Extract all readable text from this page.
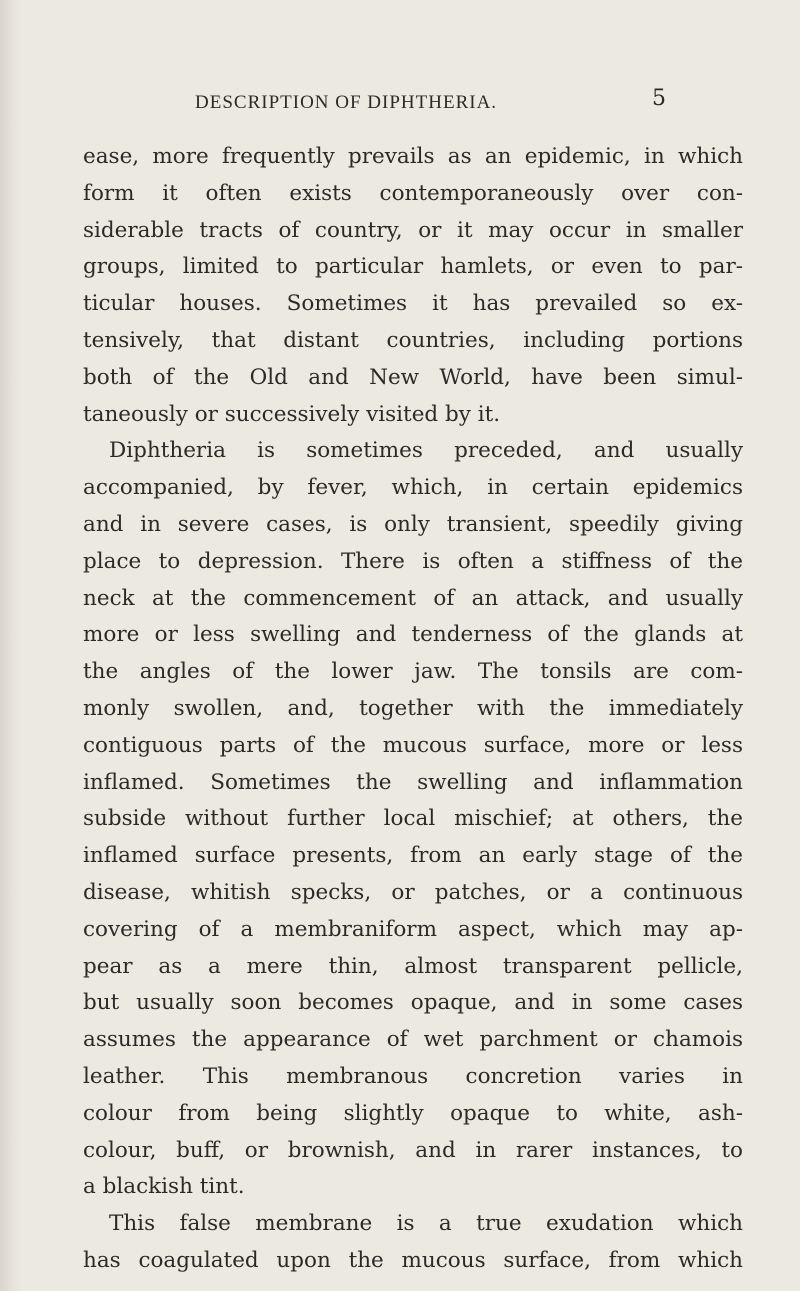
DESCRIPTION OF DIPHTHERIA.	5
ease, more frequently prevails as an epidemic, in which
form it often exists contemporaneously over con-
siderable tracts of country, or it may occur in smaller
groups, limited to particular hamlets, or even to par-
ticular houses. Sometimes it has prevailed so ex-
tensively, that distant countries, including portions
both of the Old and New World, have been simul-
taneously or successively visited by it.
Diphtheria is sometimes preceded, and usually
accompanied, by fever, which, in certain epidemics
and in severe cases, is only transient, speedily giving
place to depression. There is often a stiffness of the
neck at the commencement of an attack, and usually
more or less swelling and tenderness of the glands at
the angles of the lower jaw. The tonsils are com-
monly swollen, and, together with the immediately
contiguous parts of the mucous surface, more or less
inflamed. Sometimes the swelling and inflammation
subside without further local mischief; at others, the
inflamed surface presents, from an early stage of the
disease, whitish specks, or patches, or a continuous
covering of a membraniform aspect, which may ap-
pear as a mere thin, almost transparent pellicle,
but usually soon becomes opaque, and in some cases
assumes the appearance of wet parchment or chamois
leather. This membranous concretion varies in
colour from being slightly opaque to white, ash-
colour, buff, or brownish, and in rarer instances, to
a blackish tint.
This false membrane is a true exudation which
has coagulated upon the mucous surface, from which
